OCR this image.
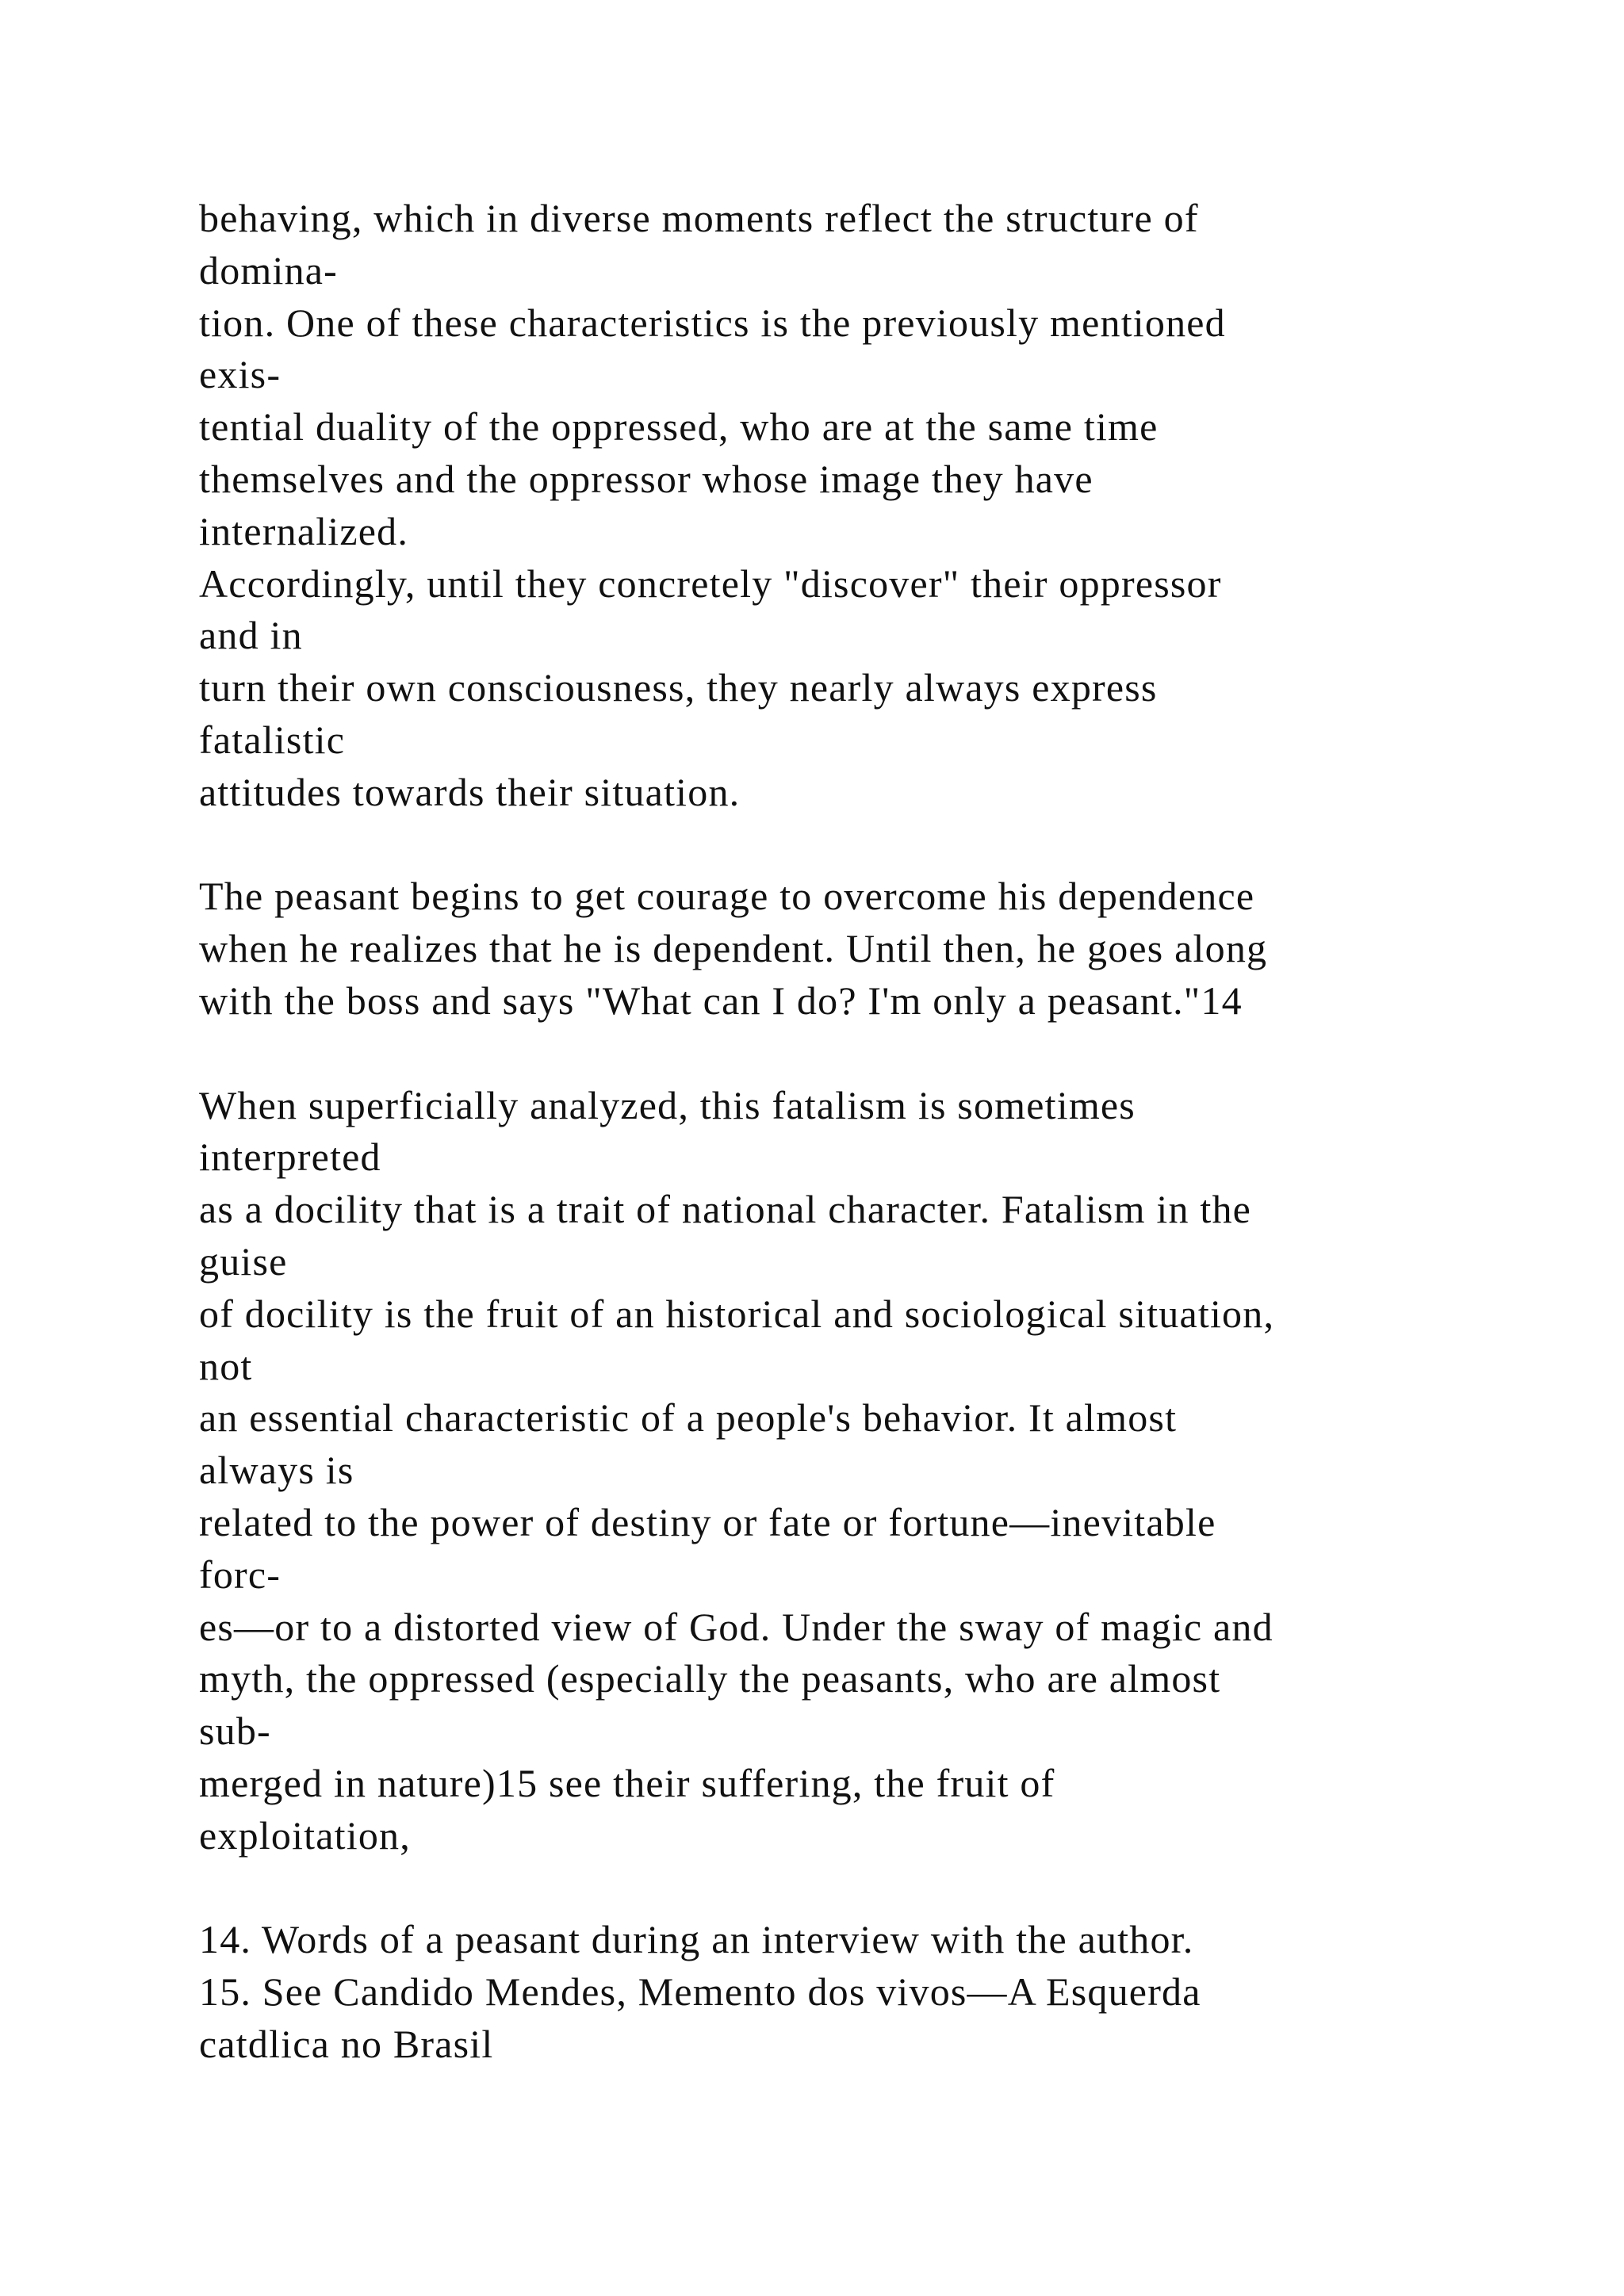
behaving, which in diverse moments reflect the structure of
domina-
tion. One of these characteristics is the previously mentioned
exis-
tential duality of the oppressed, who are at the same time
themselves and the oppressor whose image they have
internalized.
Accordingly, until they concretely "discover" their oppressor
and in
turn their own consciousness, they nearly always express
fatalistic
attitudes towards their situation.
The peasant begins to get courage to overcome his dependence
when he realizes that he is dependent. Until then, he goes along
with the boss and says "What can I do? I'm only a peasant."14
When superficially analyzed, this fatalism is sometimes
interpreted
as a docility that is a trait of national character. Fatalism in the
guise
of docility is the fruit of an historical and sociological situation,
not
an essential characteristic of a people's behavior. It almost
always is
related to the power of destiny or fate or fortune—inevitable
forc-
es—or to a distorted view of God. Under the sway of magic and
myth, the oppressed (especially the peasants, who are almost
sub-
merged in nature)15 see their suffering, the fruit of
exploitation,
14. Words of a peasant during an interview with the author.
15. See Candido Mendes, Memento dos vivos—A Esquerda
catdlica no Brasil
